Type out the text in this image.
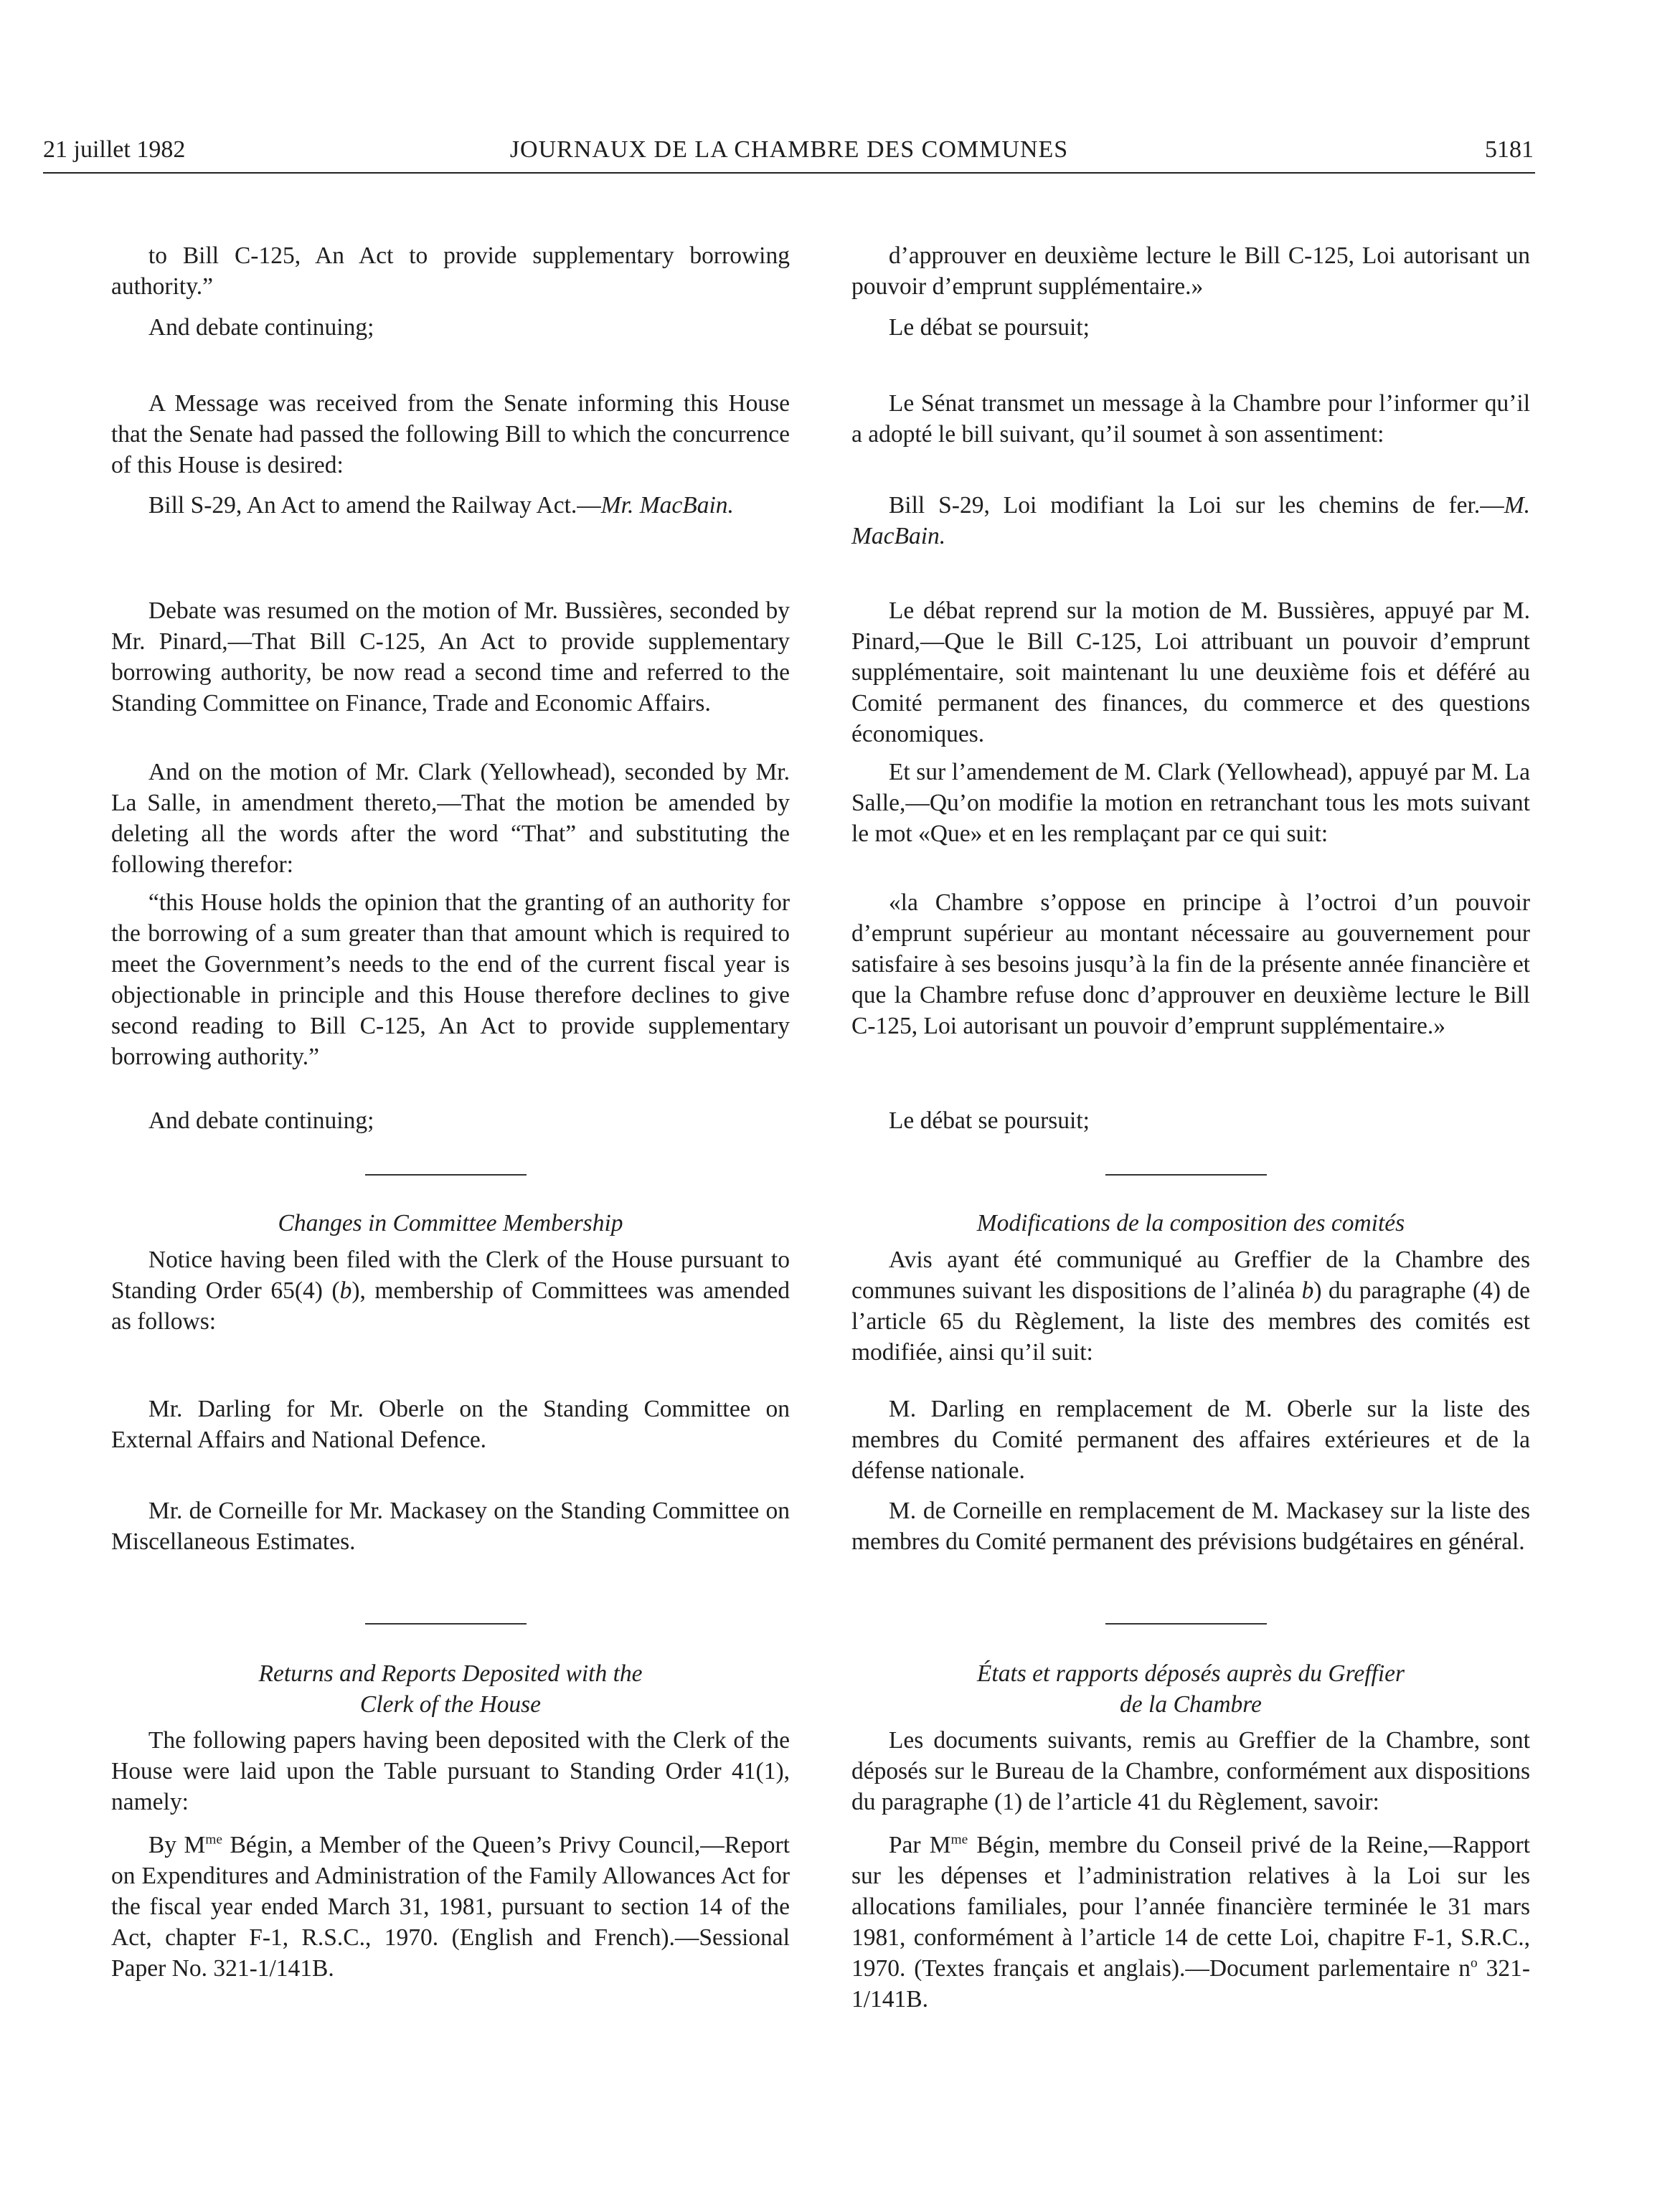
21 juillet 1982	JOURNAUX DE LA CHAMBRE DES COMMUNES	5181

to Bill C-125, An Act to provide supplementary borrowing authority.”

And debate continuing;

A Message was received from the Senate informing this House that the Senate had passed the following Bill to which the concurrence of this House is desired:

Bill S-29, An Act to amend the Railway Act.—Mr. MacBain.

Debate was resumed on the motion of Mr. Bussières, seconded by Mr. Pinard,—That Bill C-125, An Act to provide supplementary borrowing authority, be now read a second time and referred to the Standing Committee on Finance, Trade and Economic Affairs.

And on the motion of Mr. Clark (Yellowhead), seconded by Mr. La Salle, in amendment thereto,—That the motion be amended by deleting all the words after the word “That” and substituting the following therefor:

“this House holds the opinion that the granting of an authority for the borrowing of a sum greater than that amount which is required to meet the Government’s needs to the end of the current fiscal year is objectionable in principle and this House therefore declines to give second reading to Bill C-125, An Act to provide supplementary borrowing authority.”

And debate continuing;

Changes in Committee Membership

Notice having been filed with the Clerk of the House pursuant to Standing Order 65(4) (b), membership of Committees was amended as follows:

Mr. Darling for Mr. Oberle on the Standing Committee on External Affairs and National Defence.

Mr. de Corneille for Mr. Mackasey on the Standing Committee on Miscellaneous Estimates.

Returns and Reports Deposited with the
Clerk of the House

The following papers having been deposited with the Clerk of the House were laid upon the Table pursuant to Standing Order 41(1), namely:

By $M^{me}$ Bégin, a Member of the Queen’s Privy Council,—Report on Expenditures and Administration of the Family Allowances Act for the fiscal year ended March 31, 1981, pursuant to section 14 of the Act, chapter F-1, R.S.C., 1970. (English and French).—Sessional Paper No. 321-1/141B.

d’approuver en deuxième lecture le Bill C-125, Loi autorisant un pouvoir d’emprunt supplémentaire.»

Le débat se poursuit;

Le Sénat transmet un message à la Chambre pour l’informer qu’il a adopté le bill suivant, qu’il soumet à son assentiment:

Bill S-29, Loi modifiant la Loi sur les chemins de fer.—M. MacBain.

Le débat reprend sur la motion de M. Bussières, appuyé par M. Pinard,—Que le Bill C-125, Loi attribuant un pouvoir d’emprunt supplémentaire, soit maintenant lu une deuxième fois et déféré au Comité permanent des finances, du commerce et des questions économiques.

Et sur l’amendement de M. Clark (Yellowhead), appuyé par M. La Salle,—Qu’on modifie la motion en retranchant tous les mots suivant le mot «Que» et en les remplaçant par ce qui suit:

«la Chambre s’oppose en principe à l’octroi d’un pouvoir d’emprunt supérieur au montant nécessaire au gouvernement pour satisfaire à ses besoins jusqu’à la fin de la présente année financière et que la Chambre refuse donc d’approuver en deuxième lecture le Bill C-125, Loi autorisant un pouvoir d’emprunt supplémentaire.»

Le débat se poursuit;

Modifications de la composition des comités

Avis ayant été communiqué au Greffier de la Chambre des communes suivant les dispositions de l’alinéa b) du paragraphe (4) de l’article 65 du Règlement, la liste des membres des comités est modifiée, ainsi qu’il suit:

M. Darling en remplacement de M. Oberle sur la liste des membres du Comité permanent des affaires extérieures et de la défense nationale.

M. de Corneille en remplacement de M. Mackasey sur la liste des membres du Comité permanent des prévisions budgétaires en général.

États et rapports déposés auprès du Greffier
de la Chambre

Les documents suivants, remis au Greffier de la Chambre, sont déposés sur le Bureau de la Chambre, conformément aux dispositions du paragraphe (1) de l’article 41 du Règlement, savoir:

Par $M^{me}$ Bégin, membre du Conseil privé de la Reine,—Rapport sur les dépenses et l’administration relatives à la Loi sur les allocations familiales, pour l’année financière terminée le 31 mars 1981, conformément à l’article 14 de cette Loi, chapitre F-1, S.R.C., 1970. (Textes français et anglais).—Document parlementaire $n^o$ 321-1/141B.
